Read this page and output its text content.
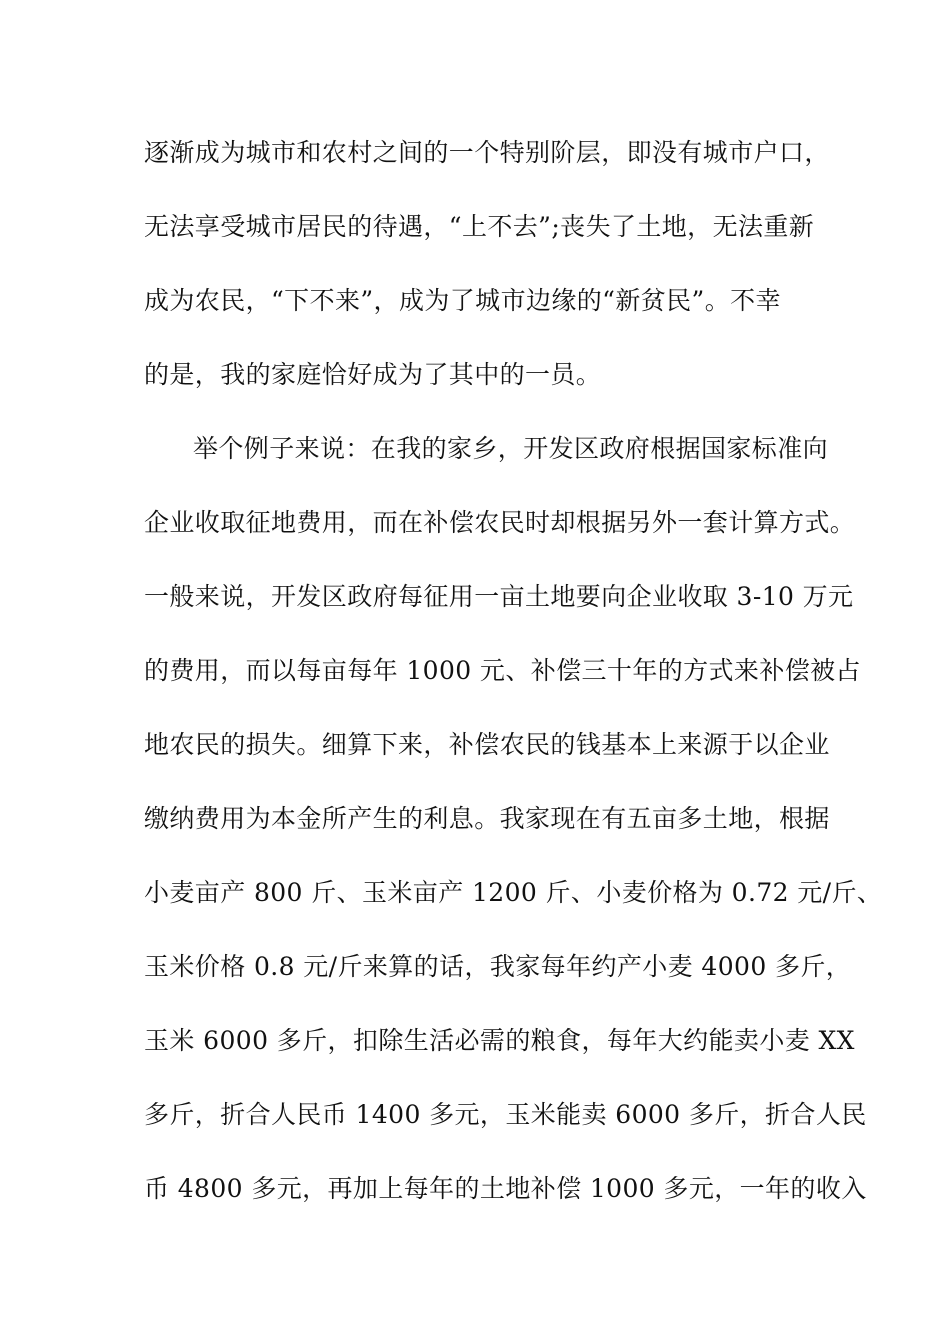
逐渐成为城市和农村之间的一个特别阶层，即没有城市户口，
无法享受城市居民的待遇，“上不去”;丧失了土地，无法重新
成为农民，“下不来”，成为了城市边缘的“新贫民”。不幸
的是，我的家庭恰好成为了其中的一员。
举个例子来说：在我的家乡，开发区政府根据国家标准向
企业收取征地费用，而在补偿农民时却根据另外一套计算方式。
一般来说，开发区政府每征用一亩土地要向企业收取 3-10 万元
的费用，而以每亩每年 1000 元、补偿三十年的方式来补偿被占
地农民的损失。细算下来，补偿农民的钱基本上来源于以企业
缴纳费用为本金所产生的利息。我家现在有五亩多土地，根据
小麦亩产 800 斤、玉米亩产 1200 斤、小麦价格为 0.72 元/斤、
玉米价格 0.8 元/斤来算的话，我家每年约产小麦 4000 多斤，
玉米 6000 多斤，扣除生活必需的粮食，每年大约能卖小麦 XX
多斤，折合人民币 1400 多元，玉米能卖 6000 多斤，折合人民
币 4800 多元，再加上每年的土地补偿 1000 多元，一年的收入
